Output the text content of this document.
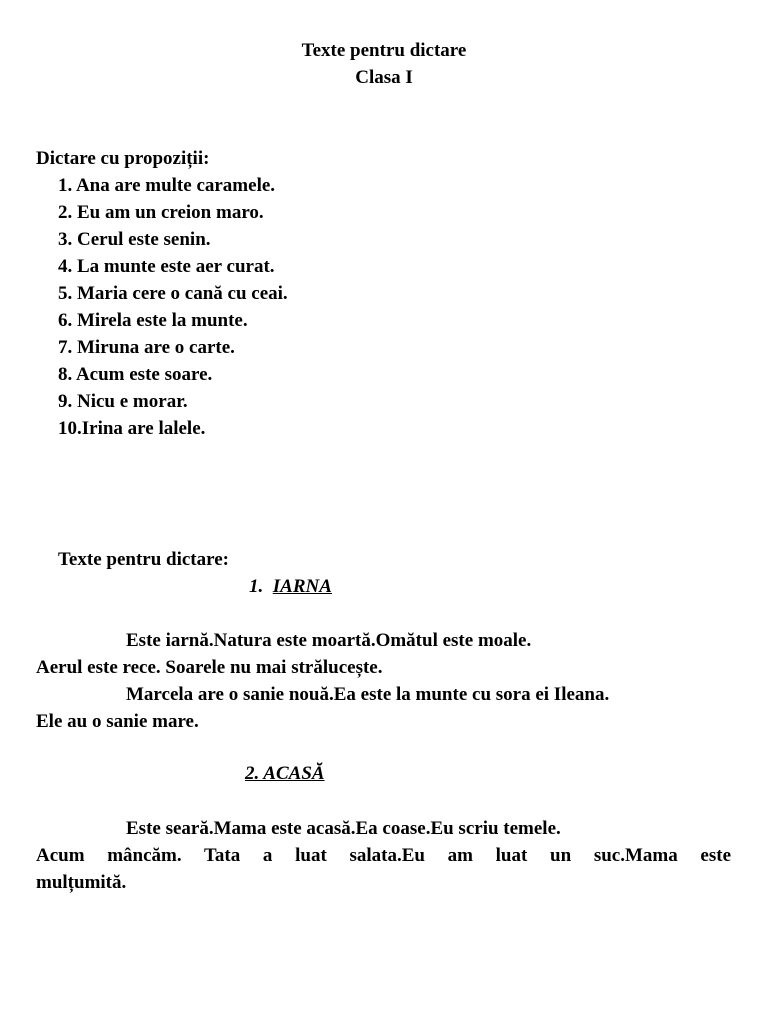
Texte pentru dictare
Clasa I
Dictare cu propoziții:
1. Ana are multe caramele.
2. Eu am un creion maro.
3. Cerul este senin.
4. La munte este aer curat.
5. Maria cere o cană cu ceai.
6. Mirela este la munte.
7. Miruna are o carte.
8. Acum este soare.
9. Nicu e morar.
10.Irina are lalele.
Texte pentru dictare:
1. IARNA
Este iarnă.Natura este moartă.Omătul este moale.
Aerul este rece. Soarele nu mai strălucește.
Marcela are o sanie nouă.Ea este la munte cu sora ei Ileana.
Ele au o sanie mare.
2. ACASĂ
Este seară.Mama este acasă.Ea coase.Eu scriu temele.
Acum mâncăm. Tata a luat salata.Eu am luat un suc.Mama este
mulțumită.
